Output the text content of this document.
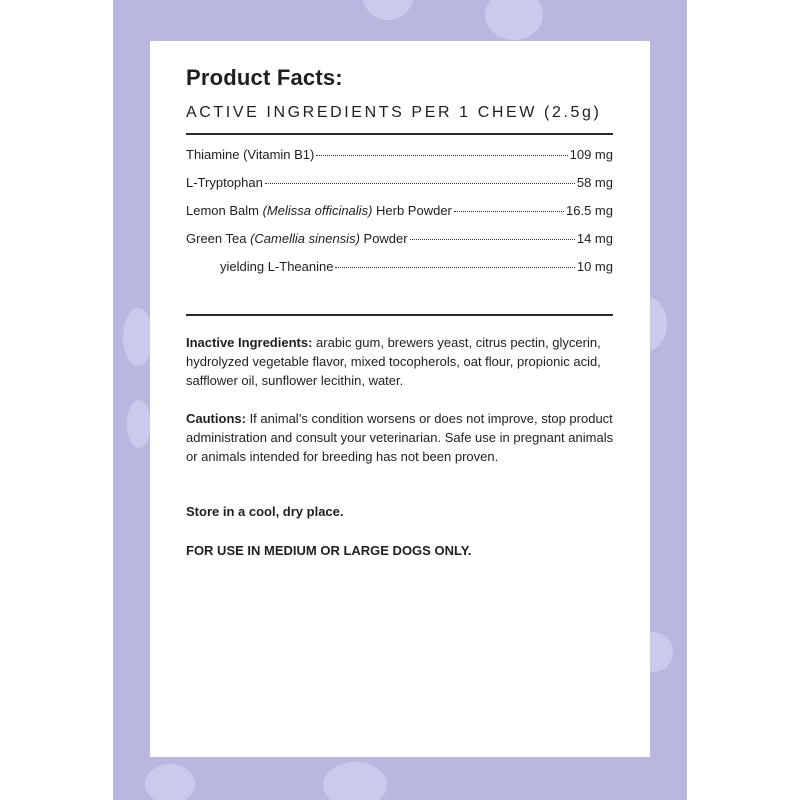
Product Facts:
ACTIVE INGREDIENTS PER 1 CHEW (2.5g)
Thiamine (Vitamin B1)	109 mg
L-Tryptophan	58 mg
Lemon Balm (Melissa officinalis) Herb Powder	16.5 mg
Green Tea (Camellia sinensis) Powder	14 mg
yielding L-Theanine	10 mg

Inactive Ingredients: arabic gum, brewers yeast, citrus pectin, glycerin, hydrolyzed vegetable flavor, mixed tocopherols, oat flour, propionic acid, safflower oil, sunflower lecithin, water.

Cautions: If animal’s condition worsens or does not improve, stop product administration and consult your veterinarian. Safe use in pregnant animals or animals intended for breeding has not been proven.

Store in a cool, dry place.

FOR USE IN MEDIUM OR LARGE DOGS ONLY.
